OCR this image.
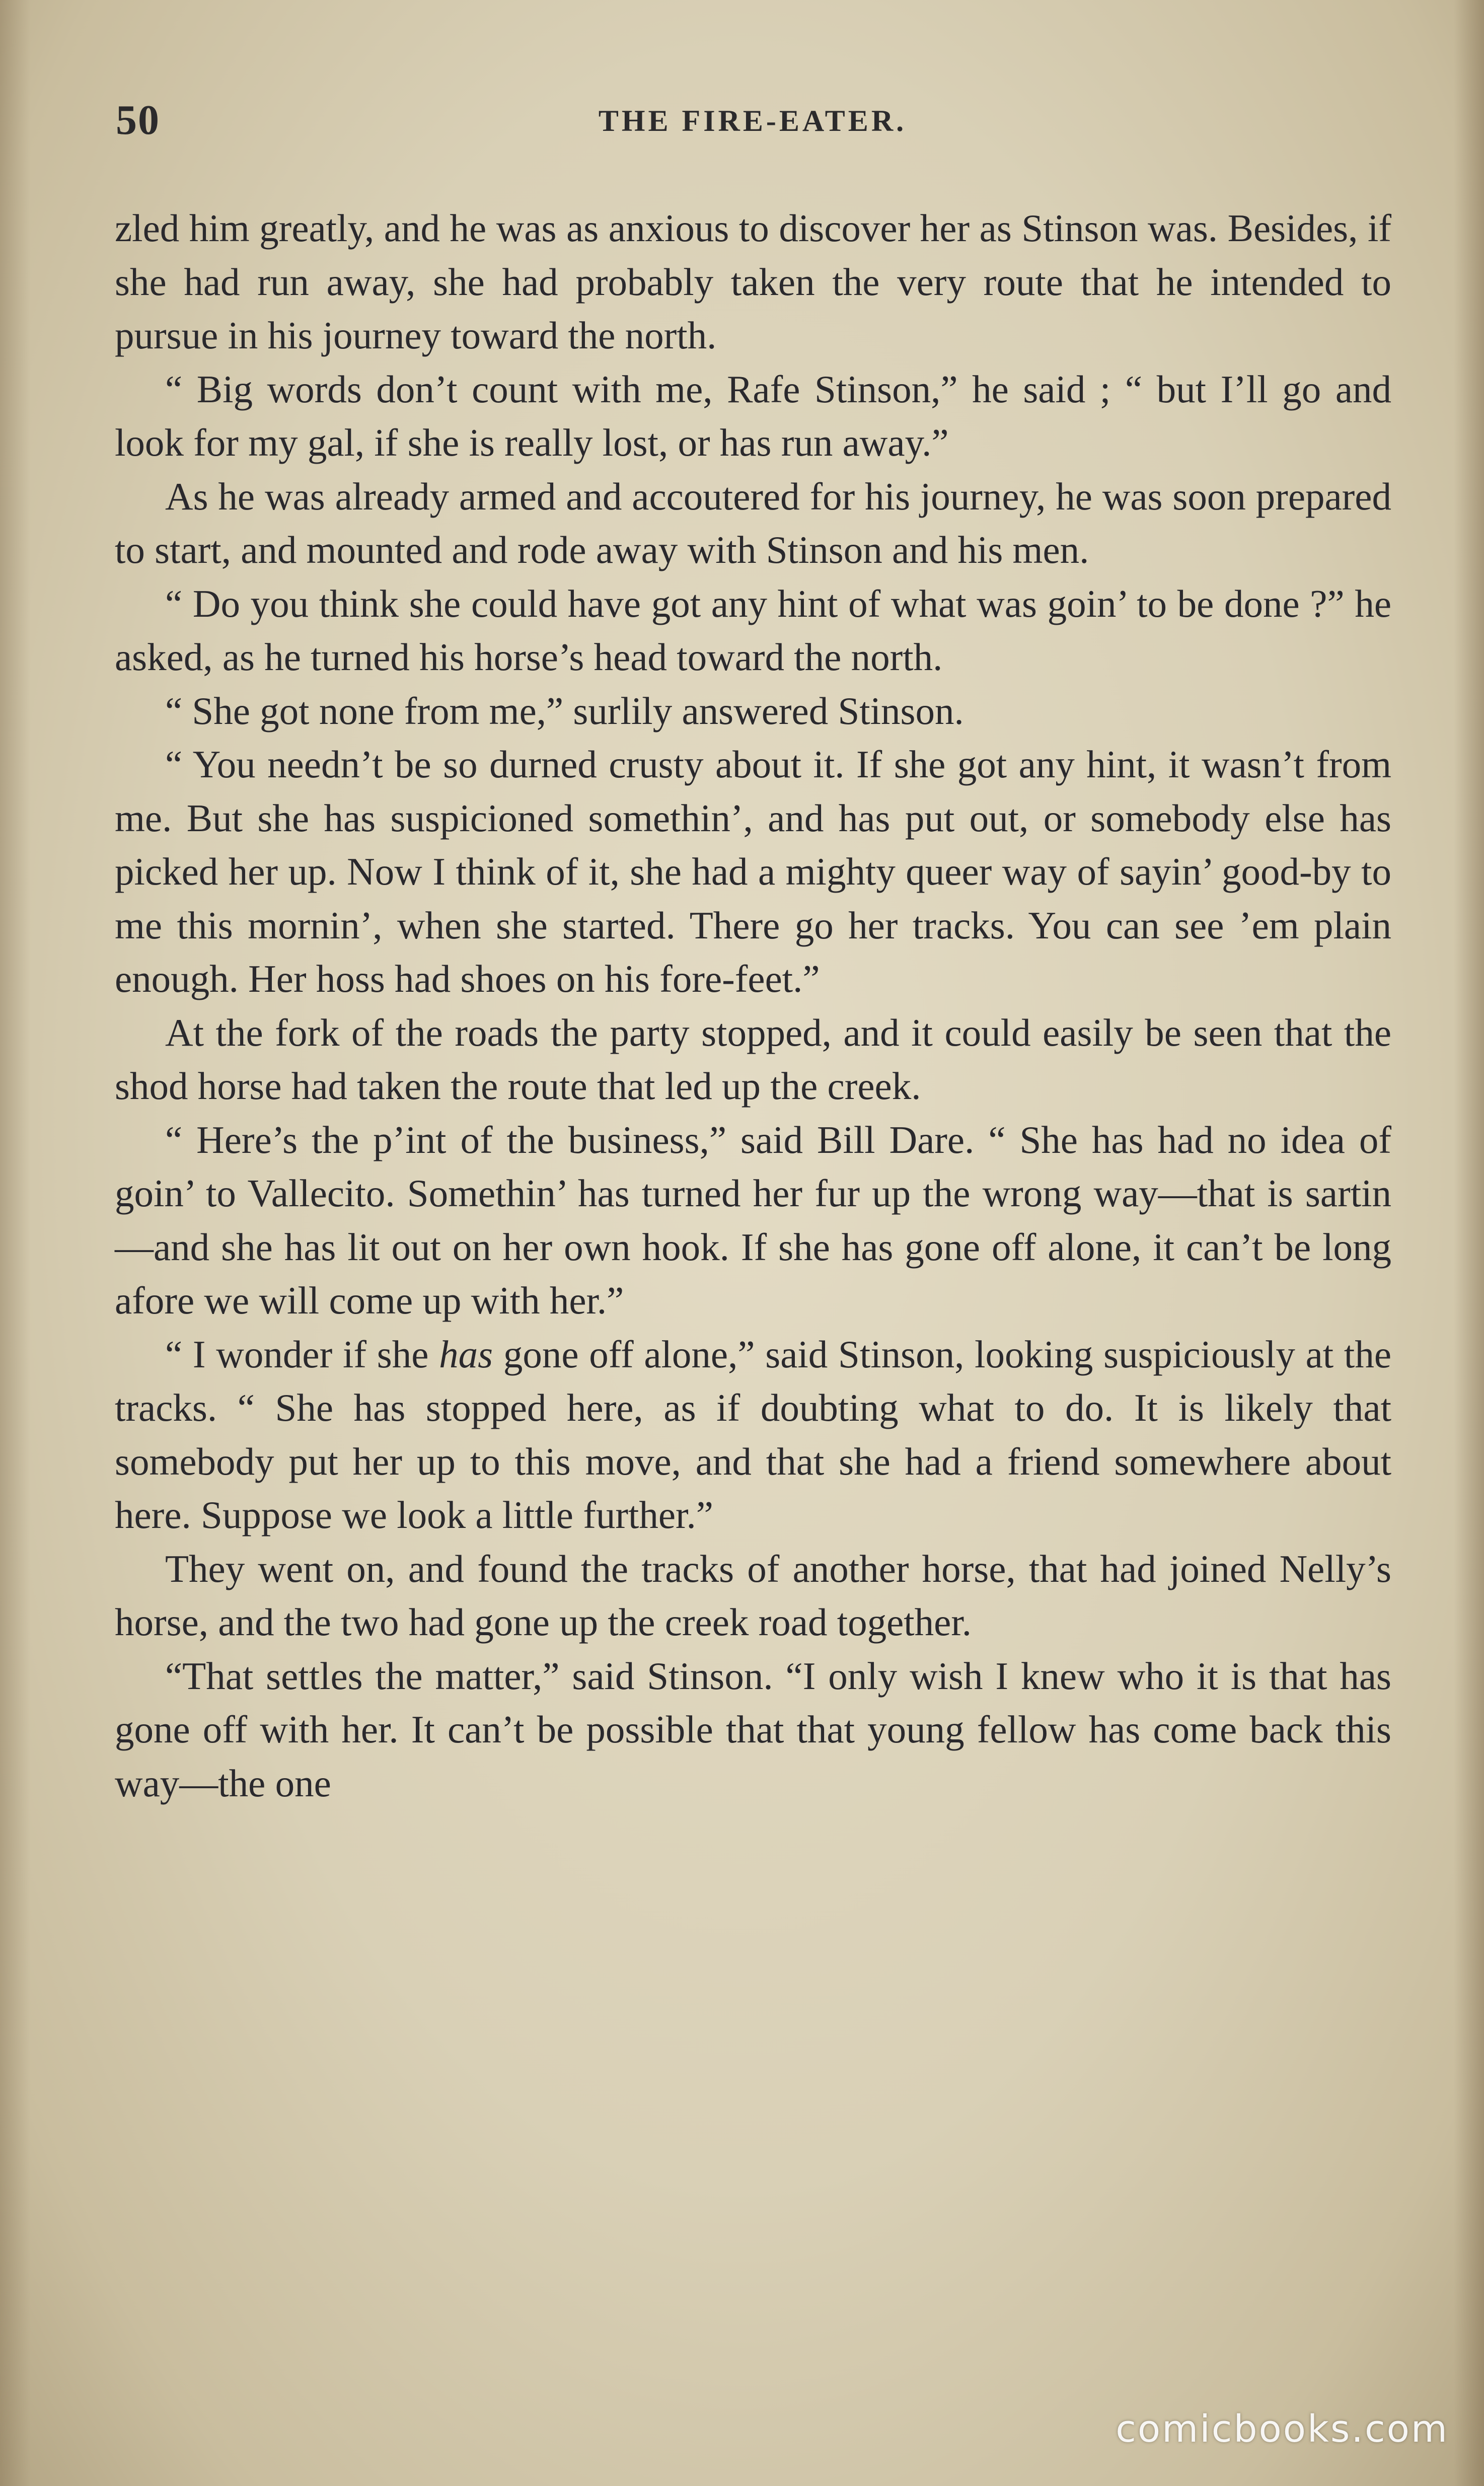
50	THE FIRE-EATER.

zled him greatly, and he was as anxious to discover her as Stinson was. Besides, if she had run away, she had probably taken the very route that he intended to pursue in his journey toward the north.

“ Big words don’t count with me, Rafe Stinson,” he said ; “ but I’ll go and look for my gal, if she is really lost, or has run away.”

As he was already armed and accoutered for his journey, he was soon prepared to start, and mounted and rode away with Stinson and his men.

“ Do you think she could have got any hint of what was goin’ to be done ?” he asked, as he turned his horse’s head toward the north.

“ She got none from me,” surlily answered Stinson.

“ You needn’t be so durned crusty about it. If she got any hint, it wasn’t from me. But she has suspicioned somethin’, and has put out, or somebody else has picked her up. Now I think of it, she had a mighty queer way of sayin’ good-by to me this mornin’, when she started. There go her tracks. You can see ’em plain enough. Her hoss had shoes on his fore-feet.”

At the fork of the roads the party stopped, and it could easily be seen that the shod horse had taken the route that led up the creek.

“ Here’s the p’int of the business,” said Bill Dare. “ She has had no idea of goin’ to Vallecito. Somethin’ has turned her fur up the wrong way—that is sartin—and she has lit out on her own hook. If she has gone off alone, it can’t be long afore we will come up with her.”

“ I wonder if she has gone off alone,” said Stinson, looking suspiciously at the tracks. “ She has stopped here, as if doubting what to do. It is likely that somebody put her up to this move, and that she had a friend somewhere about here. Suppose we look a little further.”

They went on, and found the tracks of another horse, that had joined Nelly’s horse, and the two had gone up the creek road together.

“That settles the matter,” said Stinson. “I only wish I knew who it is that has gone off with her. It can’t be possible that that young fellow has come back this way—the one

comicbooks.com
